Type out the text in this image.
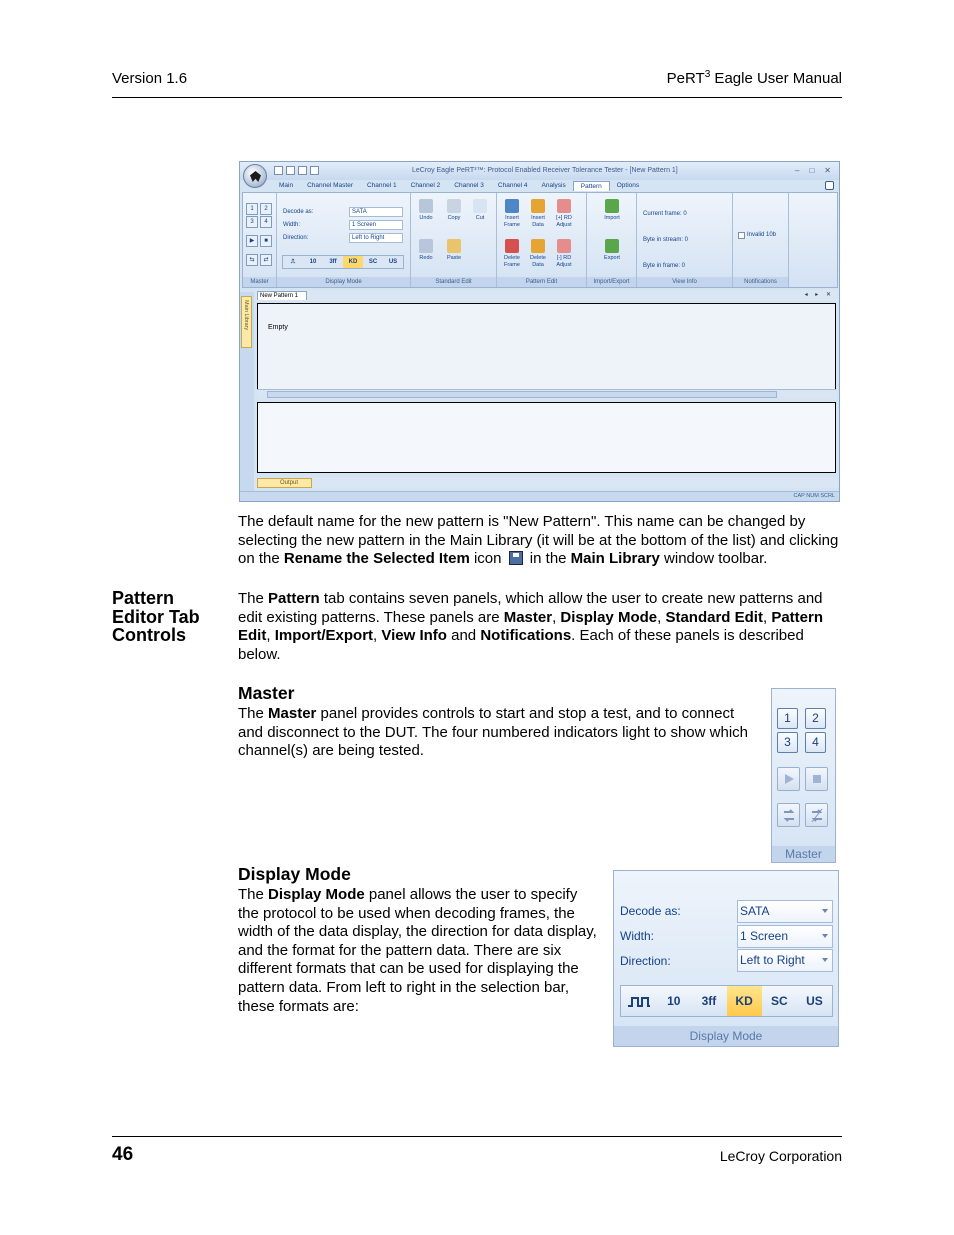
Version 1.6	PeRT$^3$ Eagle User Manual
LeCroy Eagle PeRT³™: Protocol Enabled Receiver Tolerance Tester - [New Pattern 1]	– □ ✕
Main	Channel Master	Channel 1	Channel 2	Channel 3	Channel 4	Analysis	Pattern	Options
1	2
3	4
▶	■
⇆	⇄
Master
Decode as:	SATA
Width:	1 Screen
Direction:	Left to Right
⎍	10	3ff	KD	SC	US
Display Mode
Undo	Copy	Cut
Redo	Paste
Standard Edit
Insert Frame
Insert Data
[+] RD Adjust
Delete Frame
Delete Data
[-] RD Adjust
Pattern Edit
Import
Export
Import/Export
Current frame: 0
Byte in stream: 0
Byte in frame: 0
View Info
Invalid 10b
Notifications
Main Library
New Pattern 1	◂ ▸ ✕
Empty
Output
CAP NUM SCRL
The default name for the new pattern is "New Pattern". This name can be changed by selecting the new pattern in the Main Library (it will be at the bottom of the list) and clicking on the Rename the Selected Item icon  in the Main Library window toolbar.
Pattern Editor Tab Controls
The Pattern tab contains seven panels, which allow the user to create new patterns and edit existing patterns. These panels are Master, Display Mode, Standard Edit, Pattern Edit, Import/Export, View Info and Notifications. Each of these panels is described below.
Master
The Master panel provides controls to start and stop a test, and to connect and disconnect to the DUT. The four numbered indicators light to show which channel(s) are being tested.
1	2
3	4
Master
Display Mode
The Display Mode panel allows the user to specify the protocol to be used when decoding frames, the width of the data display, the direction for data display, and the format for the pattern data. There are six different formats that can be used for displaying the pattern data. From left to right in the selection bar, these formats are:
Decode as:	SATA
Width:	1 Screen
Direction:	Left to Right
10	3ff	KD	SC	US
Display Mode
46	LeCroy Corporation
